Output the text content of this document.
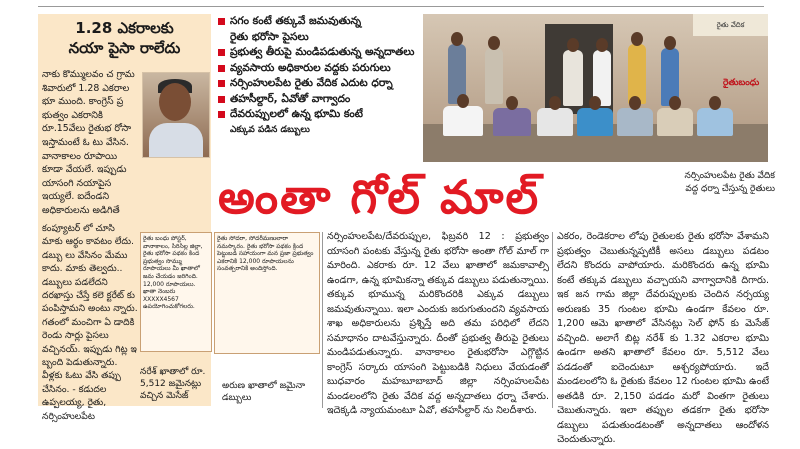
1.28 ఎకరాలకు
నయా పైసా రాలేదు
నాకు కొమ్ములవం చ గ్రామ శివారులో 1.28 ఎకరాల భూ ముంది. కాంగ్రెస్ ప్ర భుత్వం ఎకరానికి రూ.15వేలు రైతుభ రోసా ఇస్తామంటే ఓ టు వేసిన. వానాకాలం రూపాయి కూడా వేయలే. ఇప్పుడు యాసంగి నయాపైస ఇయ్యలే. ఐదేండని అధికారులను అడిగితే
కంప్యూటర్ లో చూసి మాకు ఆర్థం కావటం లేదు. డబ్బు లు వేసినం మేము కాదు. మాకు తెల్వదు.. డబ్బులు పడలేదని దరఖాస్తు చేస్తే కలె క్టరేట్ కు పంపిస్తామని అంటు న్నారు. గతంలో మంచిగా ఏ డాదికి రెండు సార్లు పైసలు వచ్చినయ్. ఇప్పుడు గిట్ల ఇ బ్బంది పెడుతున్నారు. వీళ్లకు ఓటు వేసి తప్పు చేసినం. - కడుదల ఉప్పలయ్య, రైతు, నర్సింహులపేట
రైతు బంధు పోస్టర్, వానాకాలం, సిరిసిల్ల జిల్లా, రైతు భరోసా పథకం కింద ప్రభుత్వం సొమ్ము రూపాయలు మీ ఖాతాలో జమ చేయడం జరిగింది. 12,000 రూపాయలు. ఖాతా నెంబరు XXXXX4567 ఉపయోగించుకోగలరు.
రైతు సోదరా, సోదరీమణులారా నమస్కారం. రైతు భరోసా పథకం క్రింద పెట్టుబడి సహాయంగా మన ప్రజా ప్రభుత్వం ఎకరానికి 12,000 రూపాయలను సంవత్సరానికి అందిస్తోంది.
నరేశ్ ఖాతాలో రూ. 5,512 జమైనట్లు వచ్చిన మెసేజ్
అరుణ ఖాతాలో జమైనా డబ్బులు
సగం కంటే తక్కువే జమవుతున్న
రైతు భరోసా పైసలు
ప్రభుత్వ తీరుపై మండిపడుతున్న అన్నదాతలు
వ్యవసాయ అధికారుల వద్దకు పరుగులు
నర్సింహులపేట రైతు వేదిక ఎదుట ధర్నా
తహసీల్దార్, ఏవోతో వాగ్వాదం
దేవరుప్పులలో ఉన్న భూమి కంటే
ఎక్కువ పడిన డబ్బులు
రైతు వేదిక
రైతుబంధు
అంతా గోల్ మాల్	నర్సింహులపేట రైతు వేదిక వద్ద ధర్నా చేస్తున్న రైతులు
నర్సింహులపేట/దేవరుప్పుల, ఫిబ్రవరి 12 : ప్రభుత్వం యాసంగి పంటకు వేస్తున్న రైతు భరోసా అంతా గోల్ మాల్ గా మారింది. ఎకరాకు రూ. 12 వేలు ఖాతాలో జమకావాల్సి ఉండగా, ఉన్న భూమికన్నా తక్కువ డబ్బులు పడుతున్నాయి. తక్కువ భూమున్న మరికొందరికి ఎక్కువ డబ్బులు జమవుతున్నాయి. ఇలా ఎందుకు జరుగుతుందని వ్యవసాయ శాఖ అధికారులను ప్రశ్నిస్తే అది తమ పరిధిలో లేదని సమాధానం దాటవేస్తున్నారు. దీంతో ప్రభుత్వ తీరుపై రైతులు మండిపడుతున్నారు. వానాకాలం రైతుభరోసా ఎగ్గొట్టిన కాంగ్రెస్ సర్కారు యాసంగి పెట్టుబడికి నిధులు వేయడంతో బుధవారం మహబూబాబాద్ జిల్లా నర్సింహులపేట మండలంలోని రైతు వేదిక వద్ద అన్నదాతలు ధర్నా చేశారు. ఇదెక్కడి న్యాయమంటూ ఏవో, తహసీల్దార్ ను నిలదీశారు.
ఎకరం, రెండెకరాల లోపు రైతులకు రైతు భరోసా వేశామని ప్రభుత్వం చెబుతున్నప్పటికీ అసలు డబ్బులు పడటం లేదని కొందరు వాపోయారు. మరికొందరు ఉన్న భూమి కంటే తక్కువ డబ్బులు వచ్చాయని వాగ్వాదానికి దిగారు. ఇక జన గామ జిల్లా దేవరుప్పులకు చెందిన నర్సయ్య అరుణకు 35 గుంటల భూమి ఉండగా కేవలం రూ. 1,200 ఆమె ఖాతాలో వేసినట్లు సెల్ ఫోన్ కు మెసేజ్ వచ్చింది. అలాగే బిట్ల నరేశ్ కు 1.32 ఎకరాల భూమి ఉండగా అతని ఖాతాలో కేవలం రూ. 5,512 వేలు పడడంతో ఐదెందుటూ ఆశ్చర్యపోయారు. ఇదే మండలంలోని ఓ రైతుకు కేవలం 12 గుంటల భూమి ఉంటే అతడికి రూ. 2,150 పడడం మరో వింతగా రైతులు చెబుతున్నారు. ఇలా తప్పుల తడకగా రైతు భరోసా డబ్బులు పడుతుండటంతో అన్నదాతలు ఆందోళన చెందుతున్నారు.
